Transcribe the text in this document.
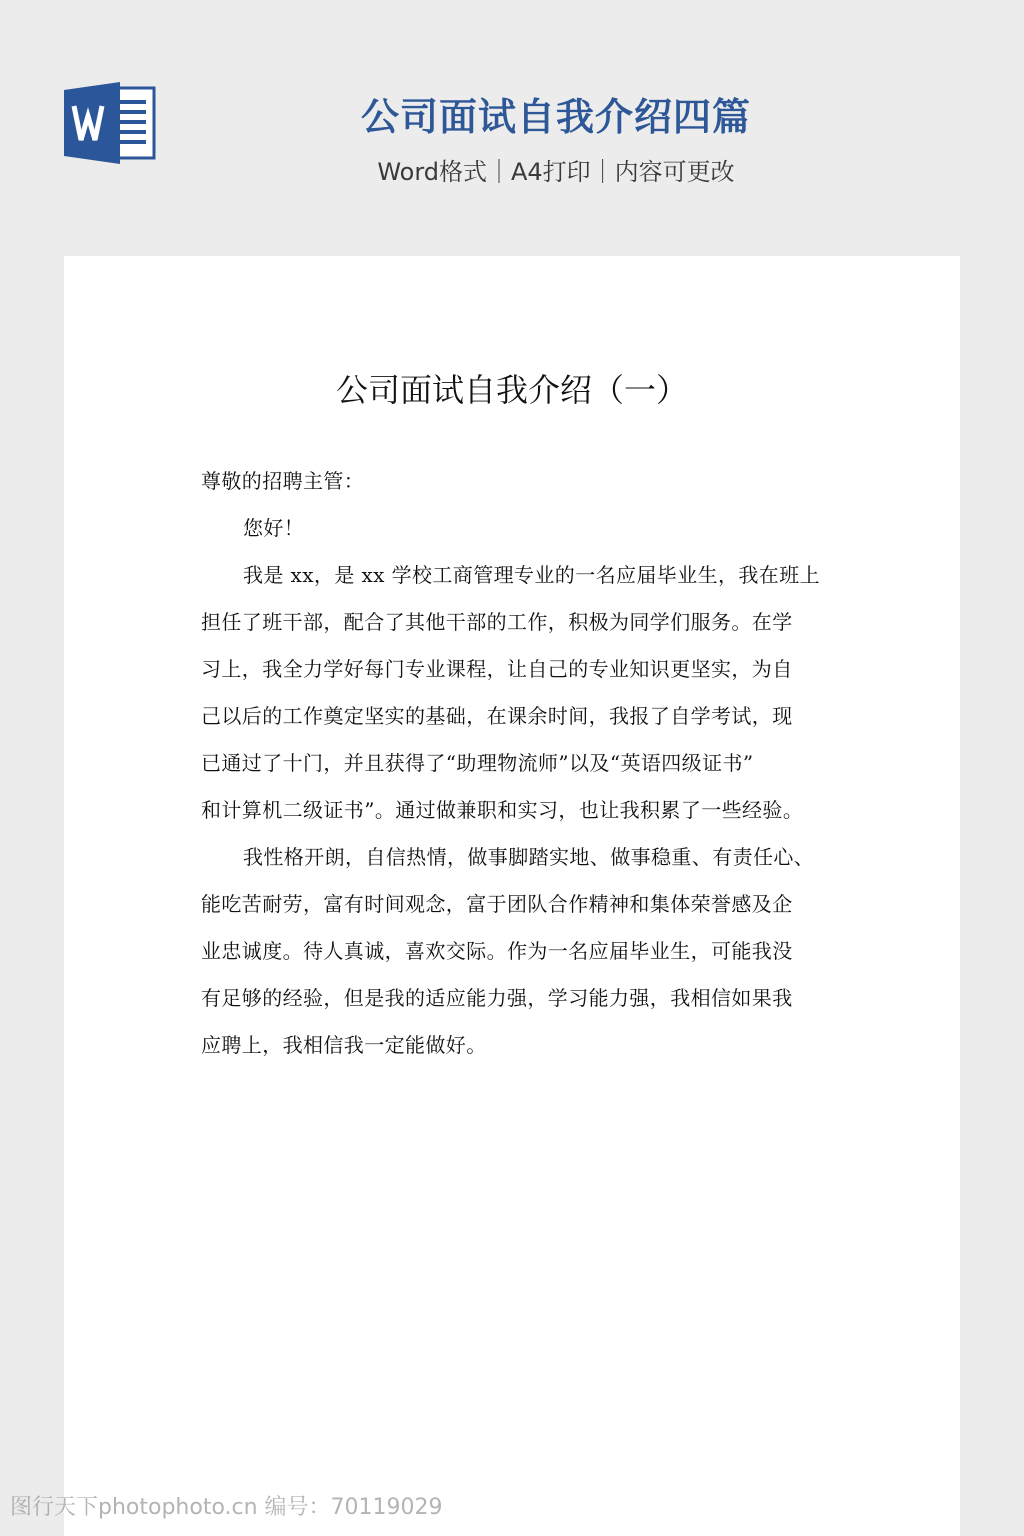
公司面试自我介绍四篇
Word格式｜A4打印｜内容可更改
公司面试自我介绍（一）
尊敬的招聘主管：
您好！
我是 xx，是 xx 学校工商管理专业的一名应届毕业生，我在班上
担任了班干部，配合了其他干部的工作，积极为同学们服务。在学
习上，我全力学好每门专业课程，让自己的专业知识更坚实，为自
己以后的工作奠定坚实的基础，在课余时间，我报了自学考试，现
已通过了十门，并且获得了“助理物流师”以及“英语四级证书”
和计算机二级证书”。通过做兼职和实习，也让我积累了一些经验。
我性格开朗，自信热情，做事脚踏实地、做事稳重、有责任心、
能吃苦耐劳，富有时间观念，富于团队合作精神和集体荣誉感及企
业忠诚度。待人真诚，喜欢交际。作为一名应届毕业生，可能我没
有足够的经验，但是我的适应能力强，学习能力强，我相信如果我
应聘上，我相信我一定能做好。
图行天下photophoto.cn 编号：70119029
